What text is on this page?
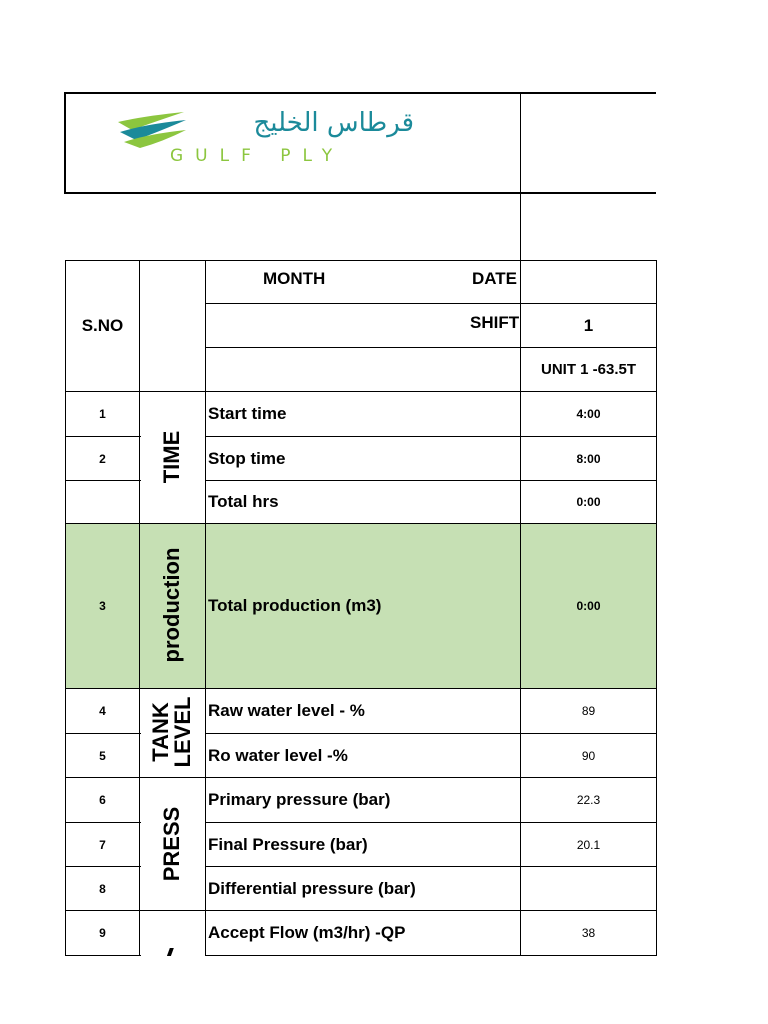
قرطاس الخليج
GULF PLY
S.NO
MONTH	DATE
SHIFT	1
UNIT 1 -63.5T
TIME
production
TANK LEVEL
PRESS
1	Start time	4:00
2	Stop time	8:00
Total hrs	0:00
3	Total production (m3)	0:00
4	Raw water level - %	89
5	Ro water level -%	90
6	Primary pressure (bar)	22.3
7	Final Pressure (bar)	20.1
8	Differential pressure (bar)
9	Accept Flow (m3/hr) -QP	38
